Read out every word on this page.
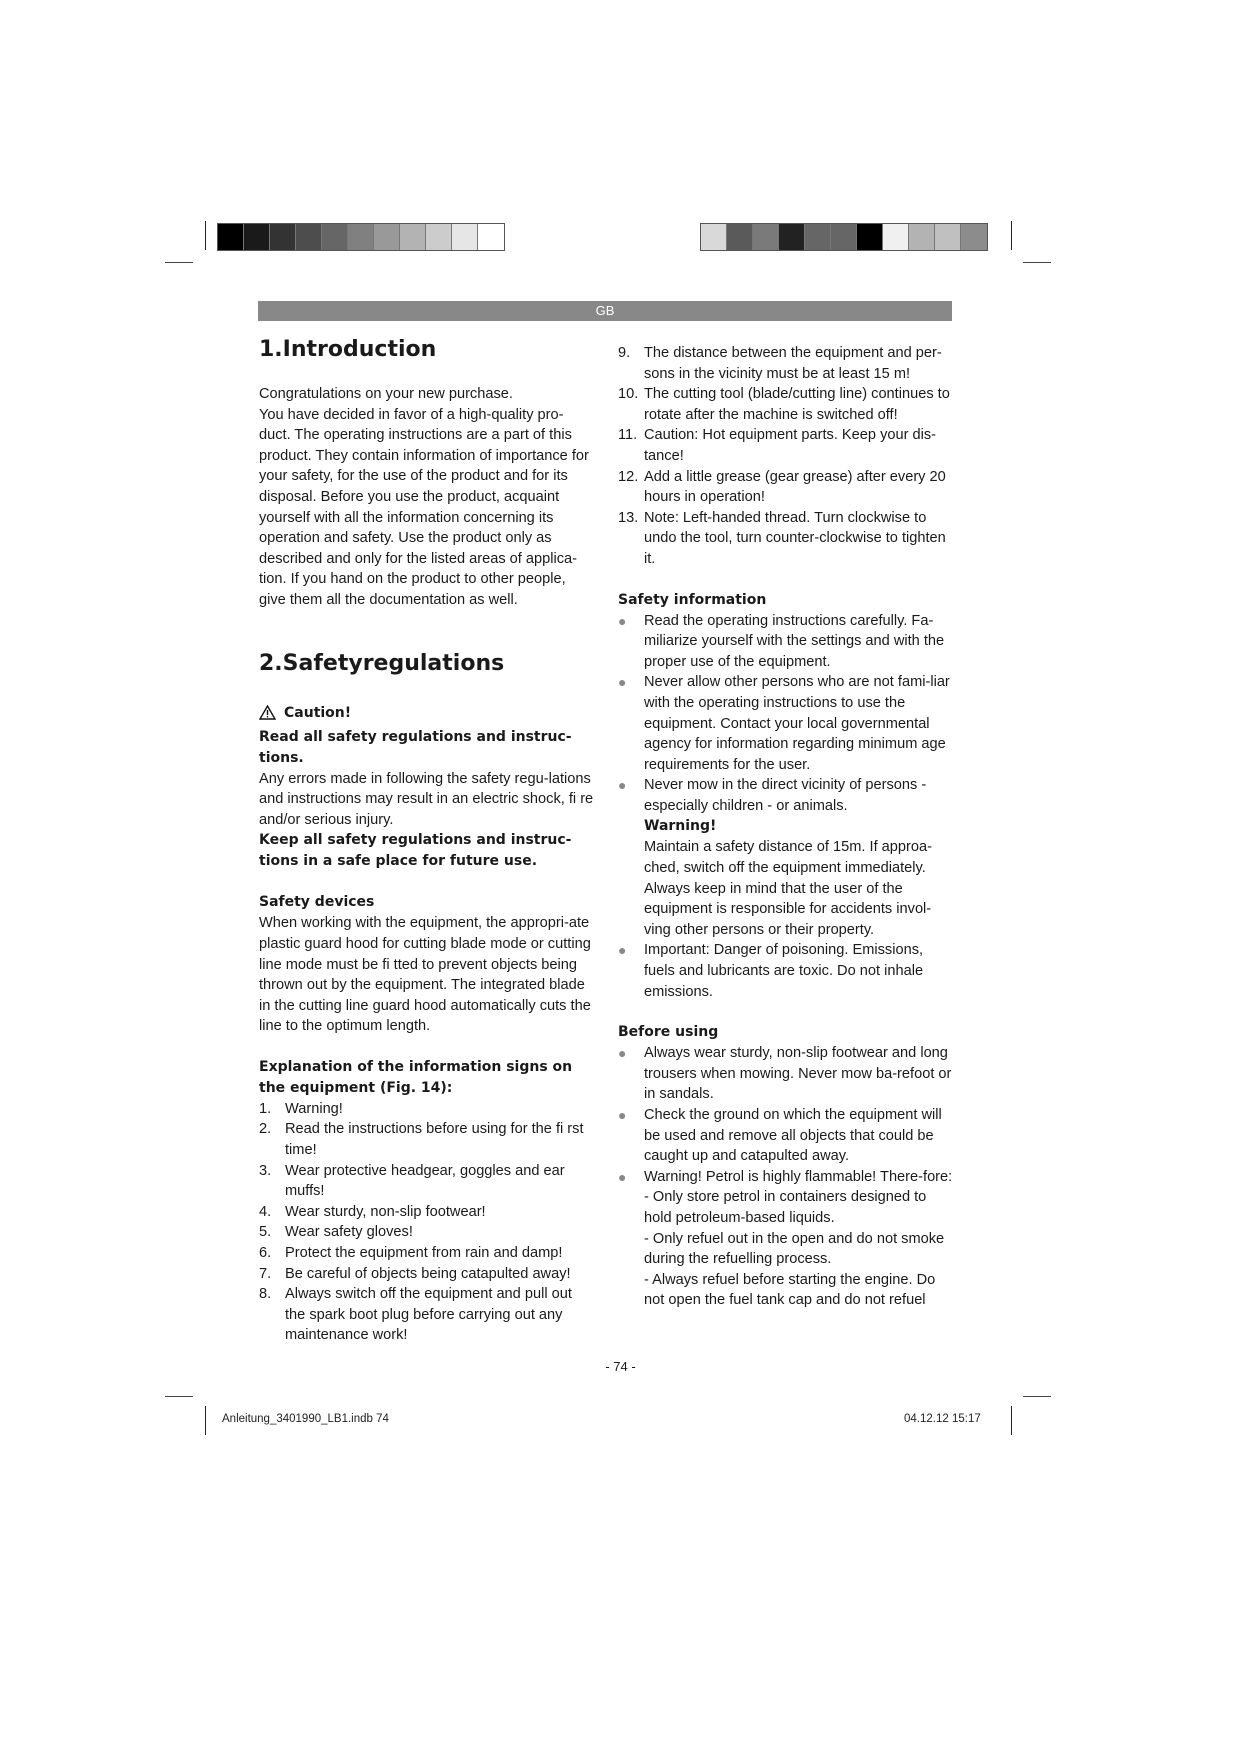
GB
1.Introduction

Congratulations on your new purchase.

You have decided in favor of a high-quality pro-duct. The operating instructions are a part of this product. They contain information of importance for your safety, for the use of the product and for its disposal. Before you use the product, acquaint yourself with all the information concerning its operation and safety. Use the product only as described and only for the listed areas of applica-tion. If you hand on the product to other people, give them all the documentation as well.

2.Safetyregulations
Caution!

Read all safety regulations and instruc-tions.

Any errors made in following the safety regu-lations and instructions may result in an electric shock, fi re and/or serious injury.

Keep all safety regulations and instruc-tions in a safe place for future use.

Safety devices

When working with the equipment, the appropri-ate plastic guard hood for cutting blade mode or cutting line mode must be fi tted to prevent objects being thrown out by the equipment. The integrated blade in the cutting line guard hood automatically cuts the line to the optimum length.

Explanation of the information signs on the equipment (Fig. 14):

1. Warning!
2. Read the instructions before using for the fi rst time!
3. Wear protective headgear, goggles and ear muffs!
4. Wear sturdy, non-slip footwear!
5. Wear safety gloves!
6. Protect the equipment from rain and damp!
7. Be careful of objects being catapulted away!
8. Always switch off the equipment and pull out the spark boot plug before carrying out any maintenance work!
9. The distance between the equipment and per-sons in the vicinity must be at least 15 m!
10. The cutting tool (blade/cutting line) continues to rotate after the machine is switched off!
11. Caution: Hot equipment parts. Keep your dis-tance!
12. Add a little grease (gear grease) after every 20 hours in operation!
13. Note: Left-handed thread. Turn clockwise to undo the tool, turn counter-clockwise to tighten it.

Safety information

● Read the operating instructions carefully. Fa-miliarize yourself with the settings and with the proper use of the equipment.
● Never allow other persons who are not fami-liar with the operating instructions to use the equipment. Contact your local governmental agency for information regarding minimum age requirements for the user.
● Never mow in the direct vicinity of persons - especially children - or animals.

Warning!

Maintain a safety distance of 15m. If approa-ched, switch off the equipment immediately. Always keep in mind that the user of the equipment is responsible for accidents invol-ving other persons or their property.

● Important: Danger of poisoning. Emissions, fuels and lubricants are toxic. Do not inhale emissions.

Before using

● Always wear sturdy, non-slip footwear and long trousers when mowing. Never mow ba-refoot or in sandals.
● Check the ground on which the equipment will be used and remove all objects that could be caught up and catapulted away.
● Warning! Petrol is highly flammable! There-fore:

- Only store petrol in containers designed to hold petroleum-based liquids.

- Only refuel out in the open and do not smoke during the refuelling process.

- Always refuel before starting the engine. Do not open the fuel tank cap and do not refuel

- 74 -
Anleitung_3401990_LB1.indb 74	04.12.12 15:17
